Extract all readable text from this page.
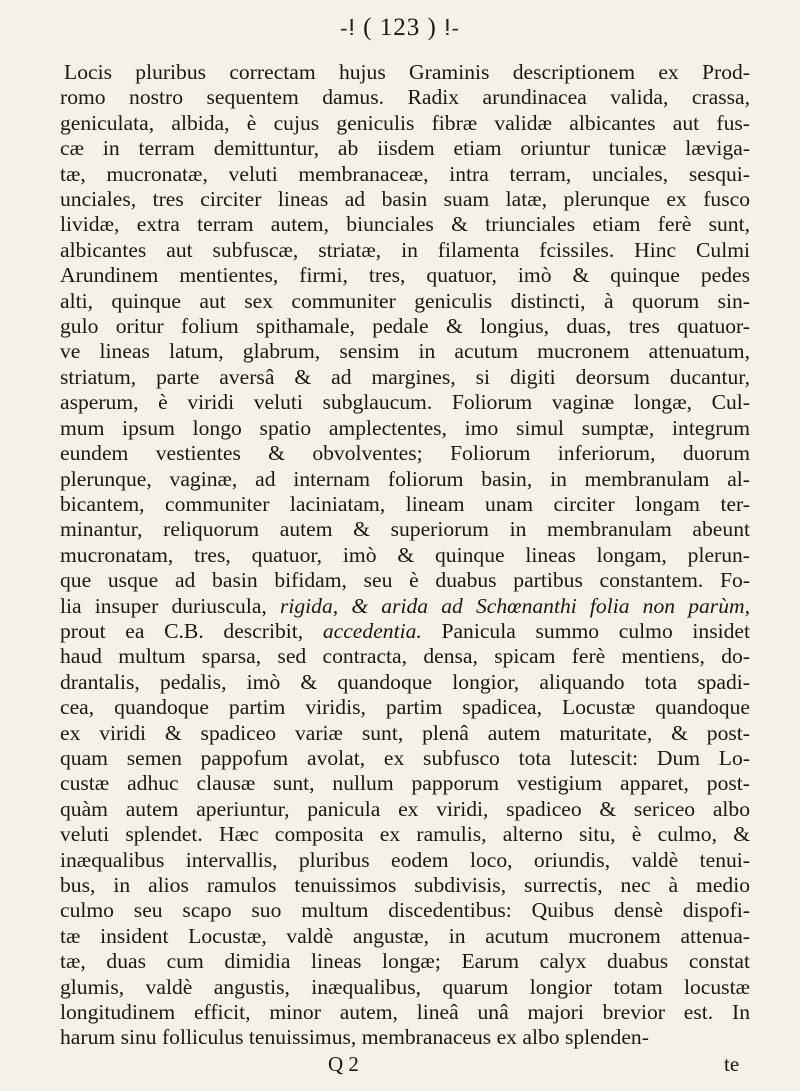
-ⵑ ( 123 ) ⵑ-
Locis pluribus correctam hujus Graminis descriptionem ex Prod-
romo nostro sequentem damus. Radix arundinacea valida, crassa,
geniculata, albida, è cujus geniculis fibræ validæ albicantes aut fus-
cæ in terram demittuntur, ab iisdem etiam oriuntur tunicæ læviga-
tæ, mucronatæ, veluti membranaceæ, intra terram, unciales, sesqui-
unciales, tres circiter lineas ad basin suam latæ, plerunque ex fusco
lividæ, extra terram autem, biunciales & triunciales etiam ferè sunt,
albicantes aut subfuscæ, striatæ, in filamenta fcissiles. Hinc Culmi
Arundinem mentientes, firmi, tres, quatuor, imò & quinque pedes
alti, quinque aut sex communiter geniculis distincti, à quorum sin-
gulo oritur folium spithamale, pedale & longius, duas, tres quatuor-
ve lineas latum, glabrum, sensim in acutum mucronem attenuatum,
striatum, parte aversâ & ad margines, si digiti deorsum ducantur,
asperum, è viridi veluti subglaucum. Foliorum vaginæ longæ, Cul-
mum ipsum longo spatio amplectentes, imo simul sumptæ, integrum
eundem vestientes & obvolventes; Foliorum inferiorum, duorum
plerunque, vaginæ, ad internam foliorum basin, in membranulam al-
bicantem, communiter laciniatam, lineam unam circiter longam ter-
minantur, reliquorum autem & superiorum in membranulam abeunt
mucronatam, tres, quatuor, imò & quinque lineas longam, plerun-
que usque ad basin bifidam, seu è duabus partibus constantem. Fo-
lia insuper duriuscula, rigida, & arida ad Schœnanthi folia non parùm,
prout ea C.B. describit, accedentia. Panicula summo culmo insidet
haud multum sparsa, sed contracta, densa, spicam ferè mentiens, do-
drantalis, pedalis, imò & quandoque longior, aliquando tota spadi-
cea, quandoque partim viridis, partim spadicea, Locustæ quandoque
ex viridi & spadiceo variæ sunt, plenâ autem maturitate, & post-
quam semen pappofum avolat, ex subfusco tota lutescit: Dum Lo-
custæ adhuc clausæ sunt, nullum papporum vestigium apparet, post-
quàm autem aperiuntur, panicula ex viridi, spadiceo & sericeo albo
veluti splendet. Hæc composita ex ramulis, alterno situ, è culmo, &
inæqualibus intervallis, pluribus eodem loco, oriundis, valdè tenui-
bus, in alios ramulos tenuissimos subdivisis, surrectis, nec à medio
culmo seu scapo suo multum discedentibus: Quibus densè dispofi-
tæ insident Locustæ, valdè angustæ, in acutum mucronem attenua-
tæ, duas cum dimidia lineas longæ; Earum calyx duabus constat
glumis, valdè angustis, inæqualibus, quarum longior totam locustæ
longitudinem efficit, minor autem, lineâ unâ majori brevior est. In
harum sinu folliculus tenuissimus, membranaceus ex albo splenden-
Q 2	te
